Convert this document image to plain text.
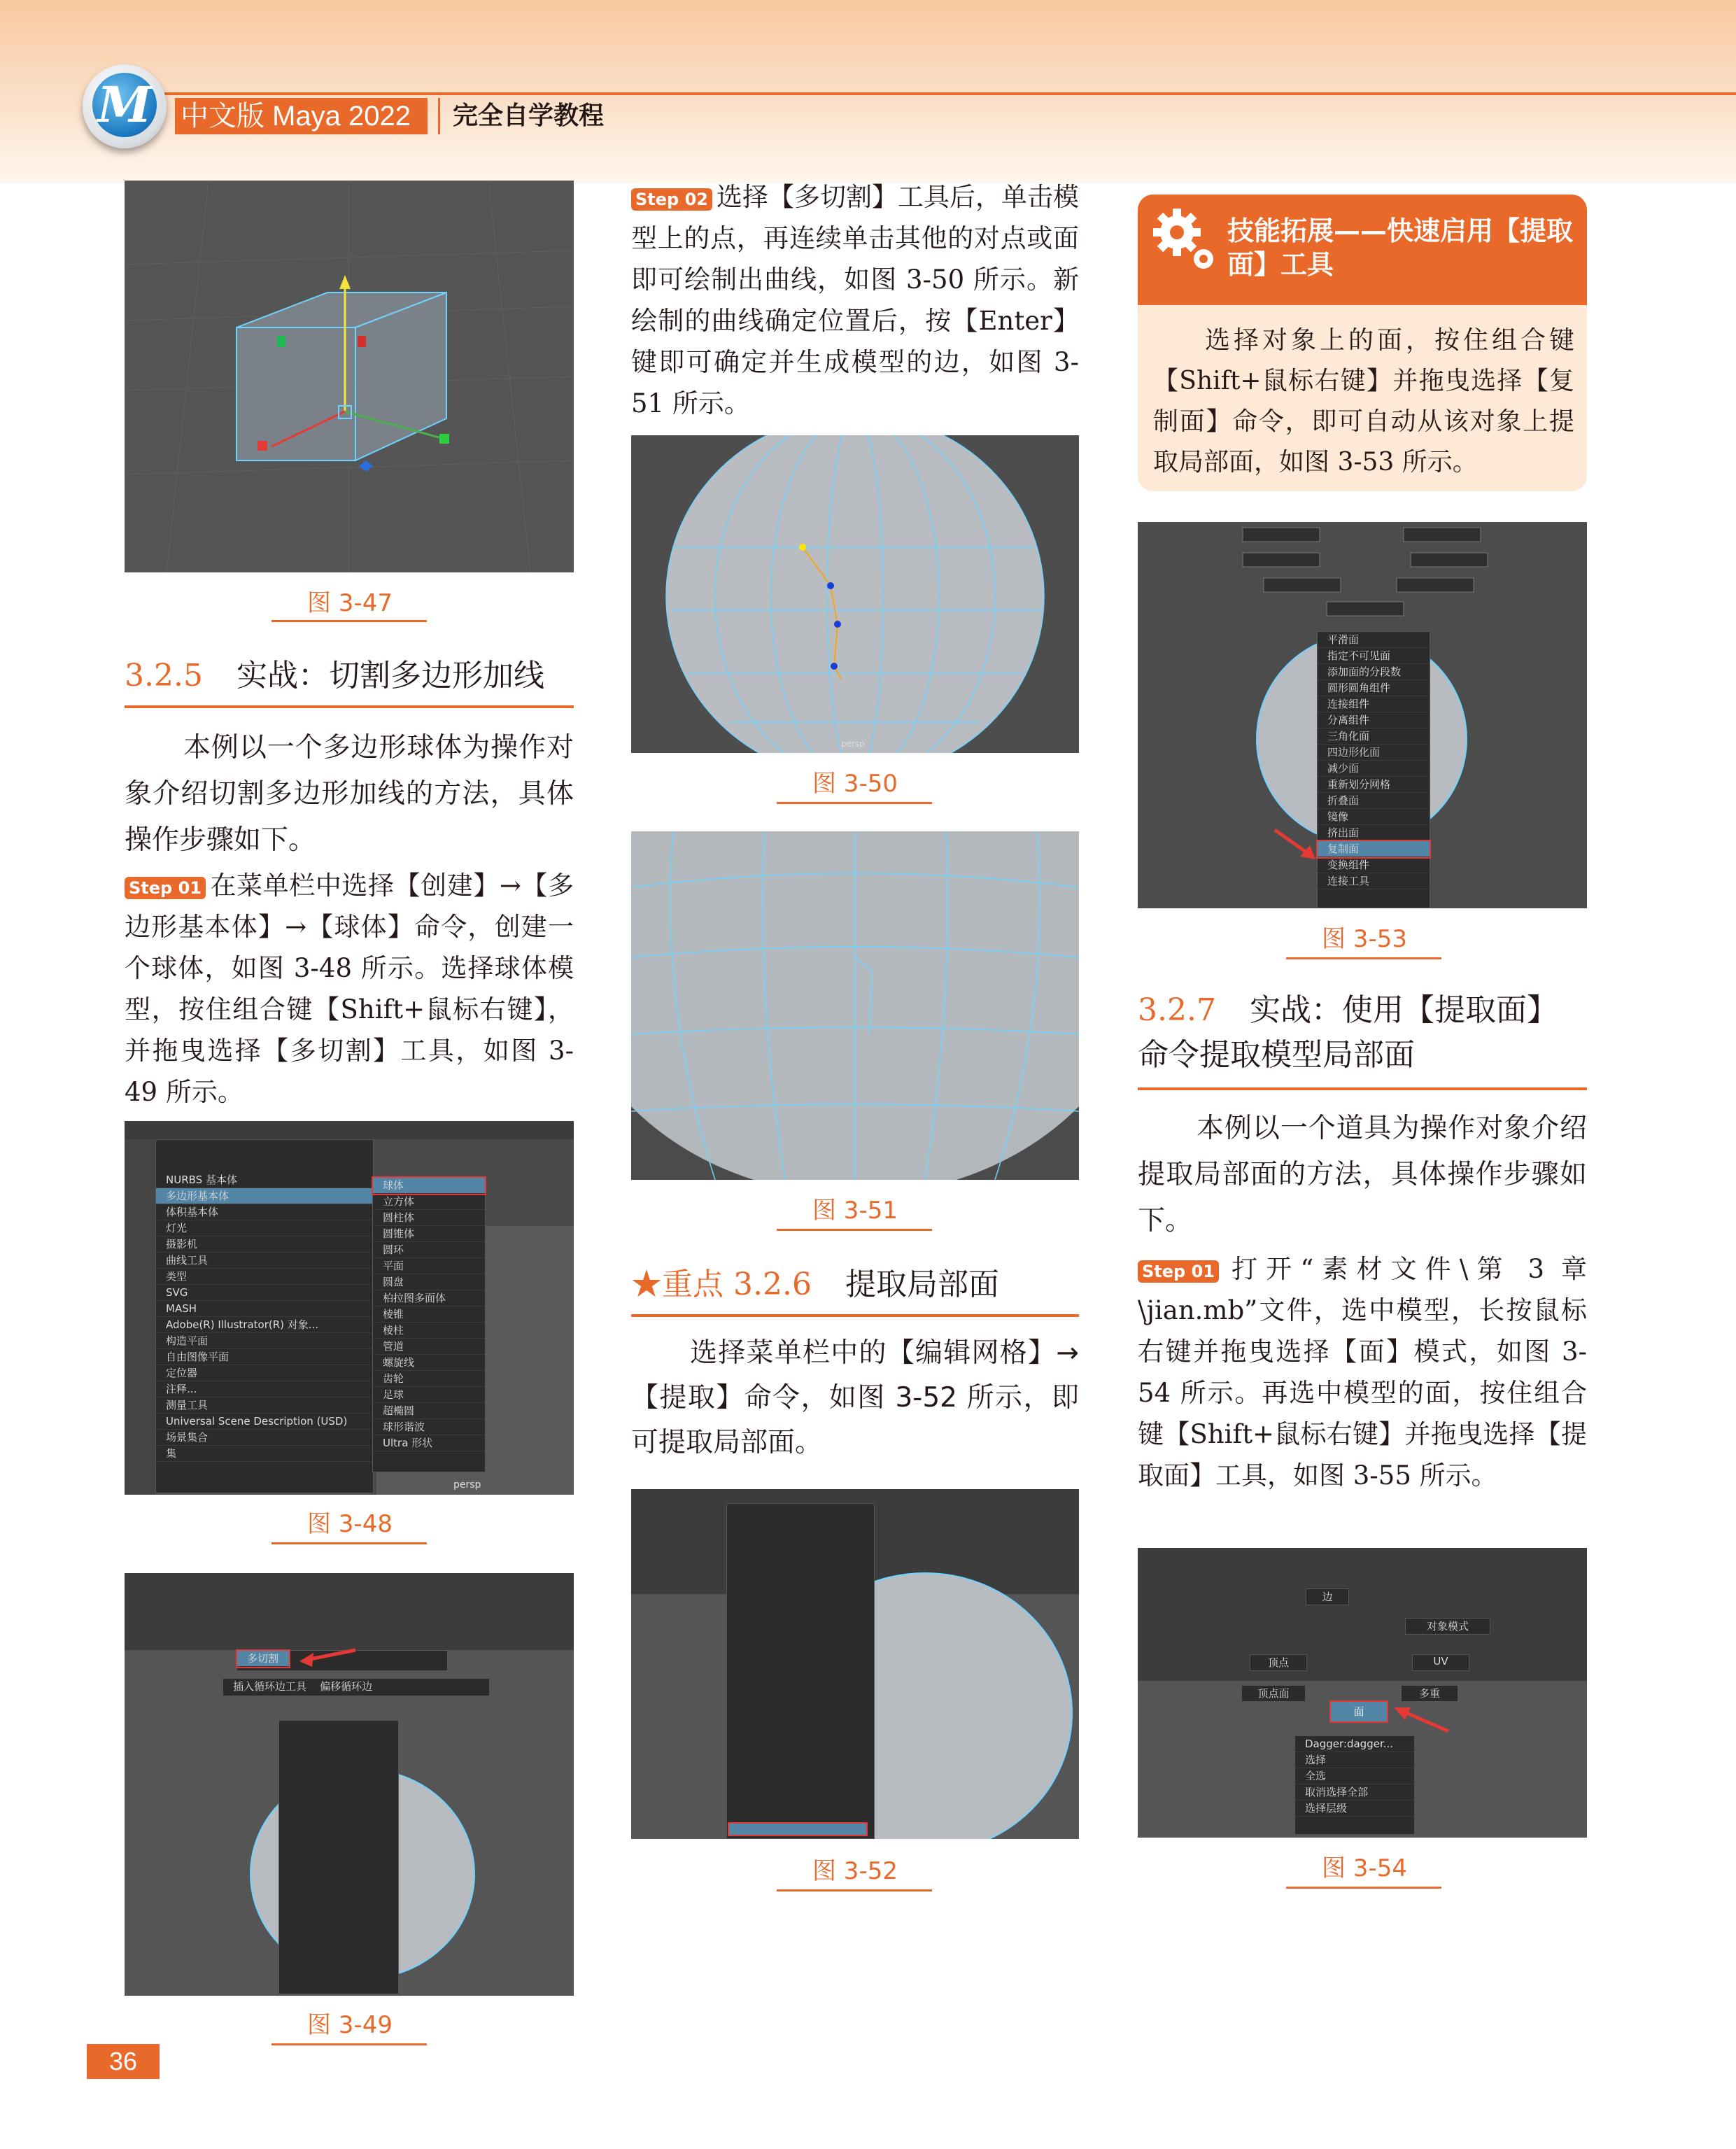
M 中文版 Maya 2022	完全自学教程
图 3-47
3.2.5 实战：切割多边形加线
本例以一个多边形球体为操作对象介绍切割多边形加线的方法，具体操作步骤如下。
Step 01 在菜单栏中选择【创建】→【多边形基本体】→【球体】命令，创建一个球体，如图 3-48 所示。选择球体模型，按住组合键【Shift+鼠标右键】，并拖曳选择【多切割】工具，如图 3-49 所示。
NURBS 基本体
多边形基本体
体积基本体
灯光
摄影机
曲线工具
类型
SVG
MASH
Adobe(R) Illustrator(R) 对象...
构造平面
自由图像平面
定位器
注释...
测量工具
Universal Scene Description (USD)
场景集合
集
球体
立方体
圆柱体
圆锥体
圆环
平面
圆盘
柏拉图多面体
棱锥
棱柱
管道
螺旋线
齿轮
足球
超椭圆
球形谐波
Ultra 形状
persp
图 3-48
多切割
插入循环边工具 偏移循环边
图 3-49
Step 02 选择【多切割】工具后，单击模型上的点，再连续单击其他的对点或面即可绘制出曲线，如图 3-50 所示。新绘制的曲线确定位置后，按【Enter】键即可确定并生成模型的边，如图 3-51 所示。
persp
图 3-50
图 3-51
★重点 3.2.6 提取局部面
选择菜单栏中的【编辑网格】→【提取】命令，如图 3-52 所示，即可提取局部面。
图 3-52
技能拓展——快速启用【提取面】工具
选择对象上的面，按住组合键【Shift+鼠标右键】并拖曳选择【复制面】命令，即可自动从该对象上提取局部面，如图 3-53 所示。
平滑面
指定不可见面
添加面的分段数
圆形圆角组件
连接组件
分离组件
三角化面
四边形化面
减少面
重新划分网格
折叠面
镜像
挤出面
复制面
变换组件
连接工具
图 3-53
3.2.7 实战：使用【提取面】
命令提取模型局部面
本例以一个道具为操作对象介绍提取局部面的方法，具体操作步骤如下。
Step 01 打开“素材文件\第 3 章\jian.mb”文件，选中模型，长按鼠标右键并拖曳选择【面】模式，如图 3-54 所示。再选中模型的面，按住组合键【Shift+鼠标右键】并拖曳选择【提取面】工具，如图 3-55 所示。
顶点
边
面
对象模式
多重
UV
顶点面
Dagger:dagger...
选择
全选
取消选择全部
选择层级
图 3-54
36
